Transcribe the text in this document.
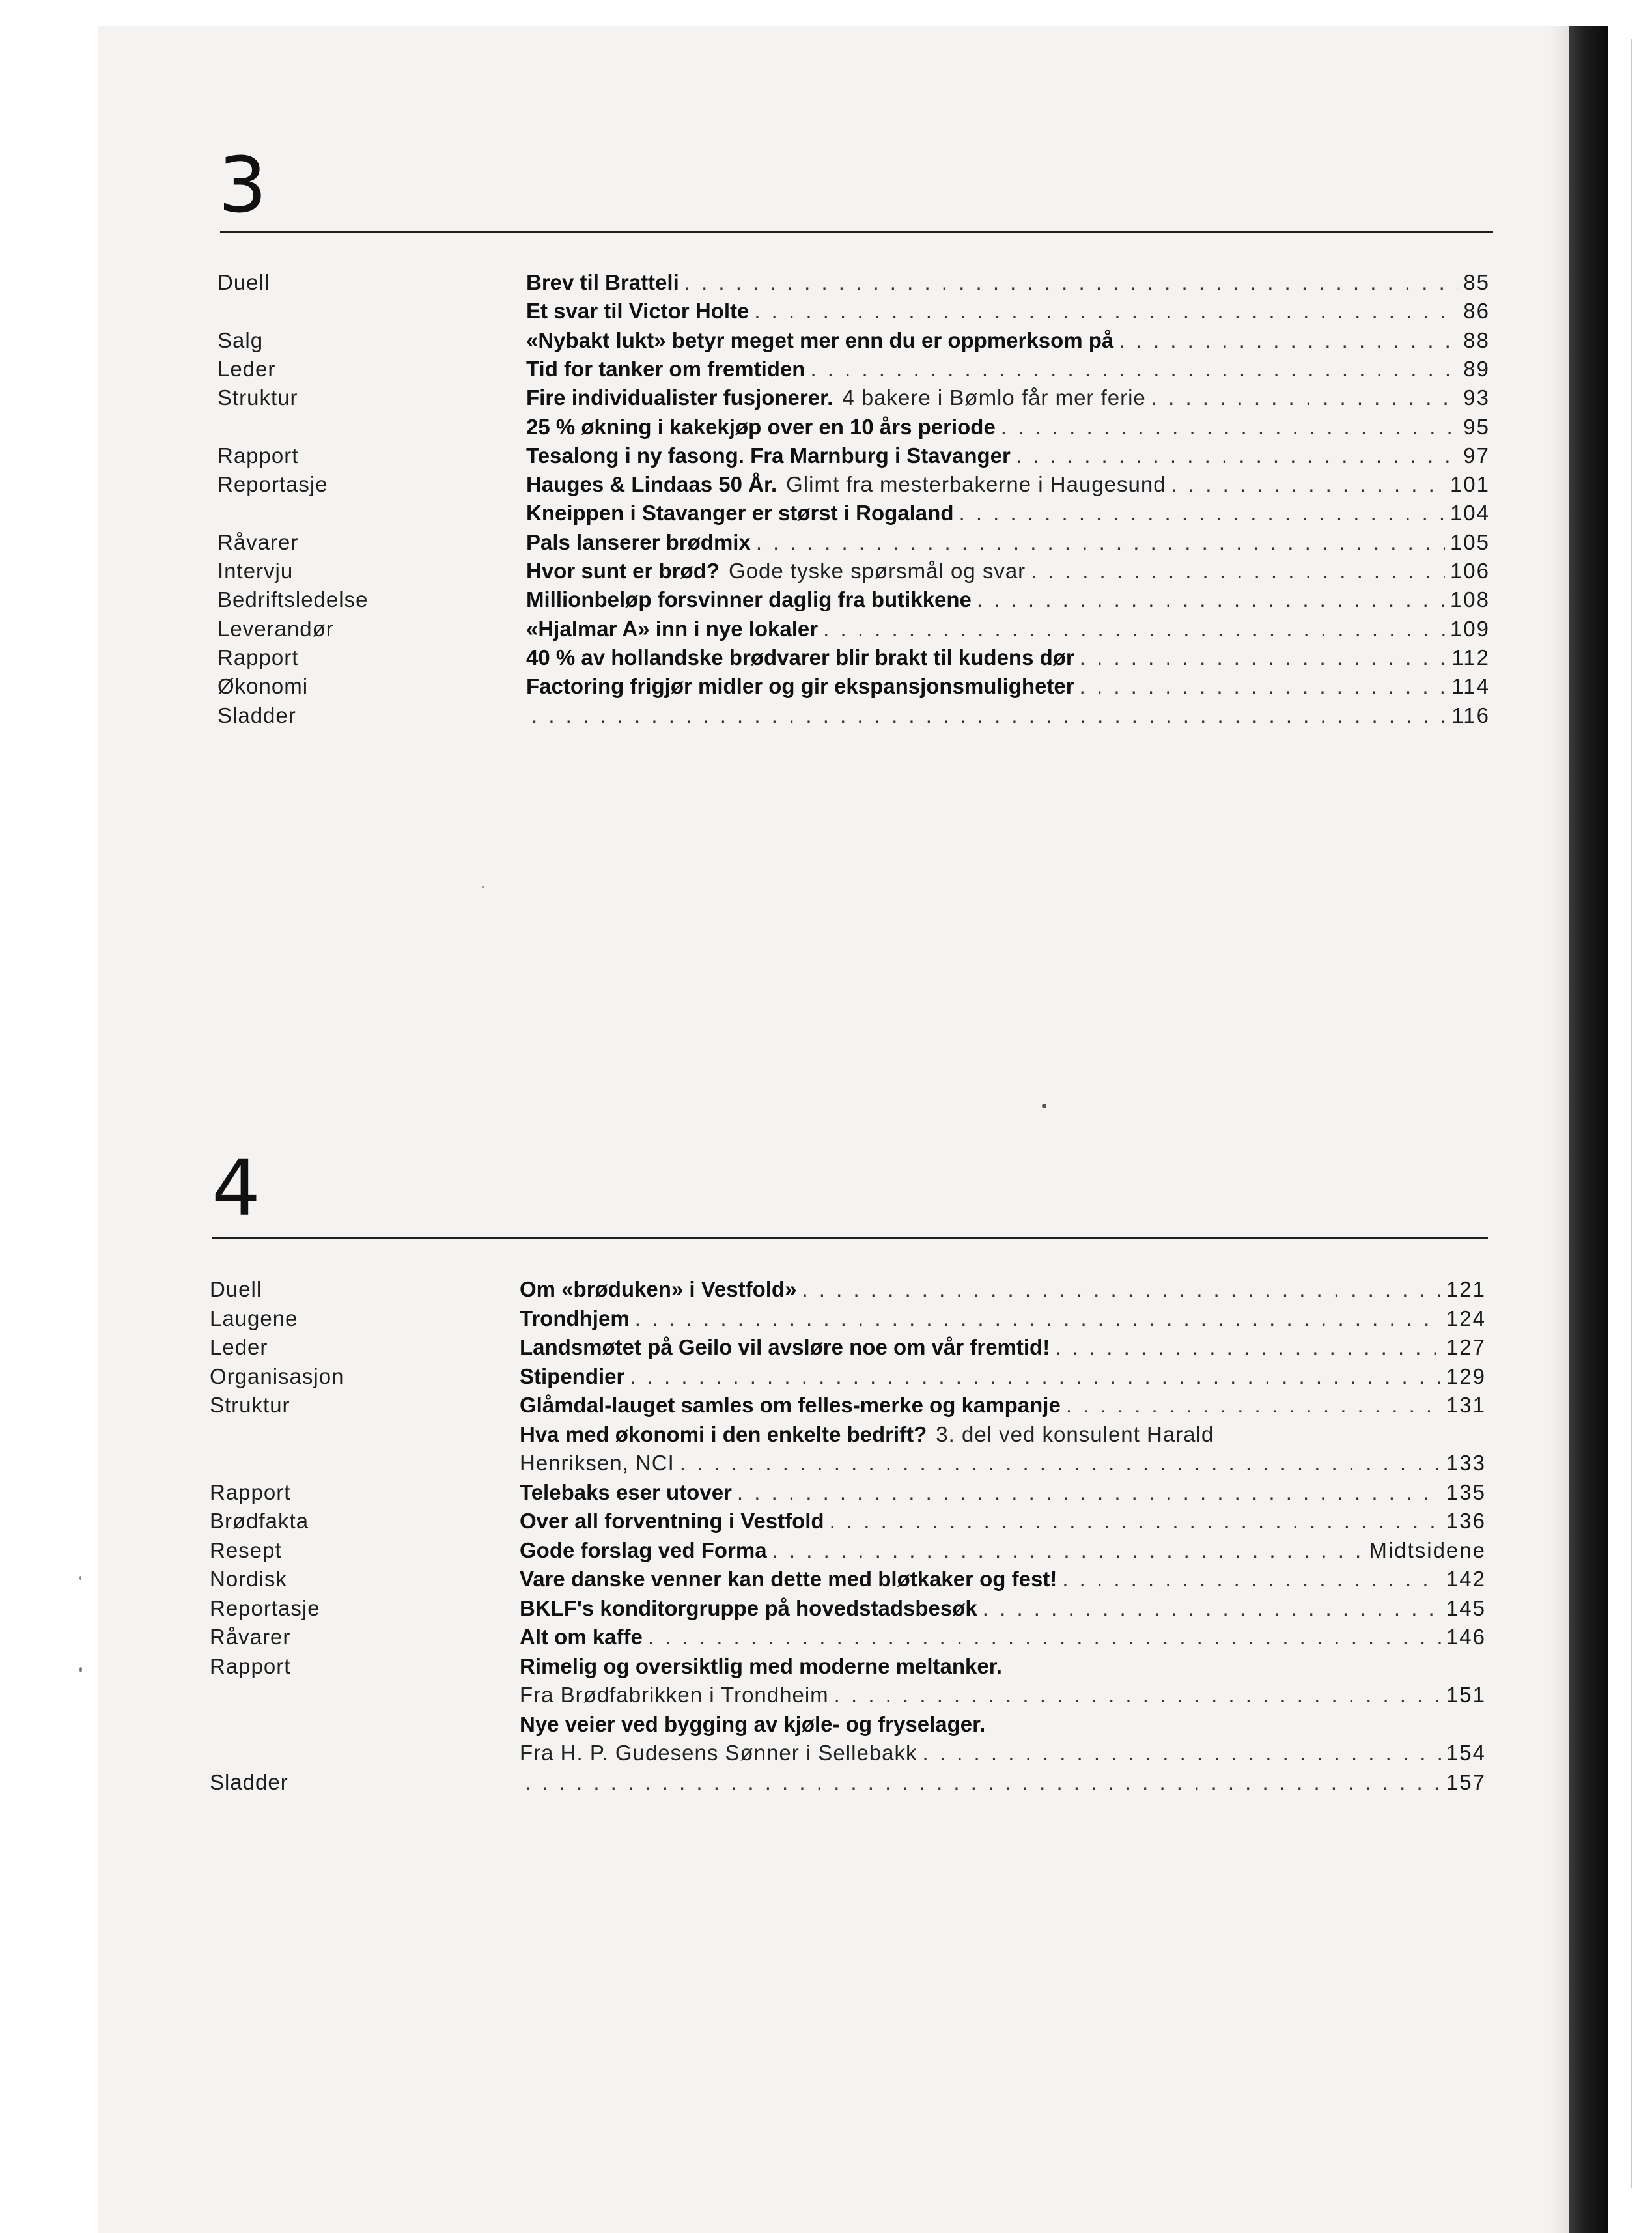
3
Duell	Brev til Bratteli . . .	85
Et svar til Victor Holte . . .	86
Salg	«Nybakt lukt» betyr meget mer enn du er oppmerksom på . . .	88
Leder	Tid for tanker om fremtiden . . .	89
Struktur	Fire individualister fusjonerer. 4 bakere i Bømlo får mer ferie . . .	93
25 % økning i kakekjøp over en 10 års periode . . .	95
Rapport	Tesalong i ny fasong. Fra Marnburg i Stavanger . . .	97
Reportasje	Hauges & Lindaas 50 År. Glimt fra mesterbakerne i Haugesund . . .	101
Kneippen i Stavanger er størst i Rogaland . . .	104
Råvarer	Pals lanserer brødmix . . .	105
Intervju	Hvor sunt er brød? Gode tyske spørsmål og svar . . .	106
Bedriftsledelse	Millionbeløp forsvinner daglig fra butikkene . . .	108
Leverandør	«Hjalmar A» inn i nye lokaler . . .	109
Rapport	40 % av hollandske brødvarer blir brakt til kudens dør . . .	112
Økonomi	Factoring frigjør midler og gir ekspansjonsmuligheter . . .	114
Sladder . . .	116
4
Duell	Om «brøduken» i Vestfold» . . .	121
Laugene	Trondhjem . . .	124
Leder	Landsmøtet på Geilo vil avsløre noe om vår fremtid! . . .	127
Organisasjon	Stipendier . . .	129
Struktur	Glåmdal-lauget samles om felles-merke og kampanje . . .	131
Hva med økonomi i den enkelte bedrift? 3. del ved konsulent Harald
Henriksen, NCI . . .	133
Rapport	Telebaks eser utover . . .	135
Brødfakta	Over all forventning i Vestfold . . .	136
Resept	Gode forslag ved Forma . . .	Midtsidene
Nordisk	Vare danske venner kan dette med bløtkaker og fest! . . .	142
Reportasje	BKLF's konditorgruppe på hovedstadsbesøk . . .	145
Råvarer	Alt om kaffe . . .	146
Rapport	Rimelig og oversiktlig med moderne meltanker.
Fra Brødfabrikken i Trondheim . . .	151
Nye veier ved bygging av kjøle- og fryselager.
Fra H. P. Gudesens Sønner i Sellebakk . . .	154
Sladder . . .	157
